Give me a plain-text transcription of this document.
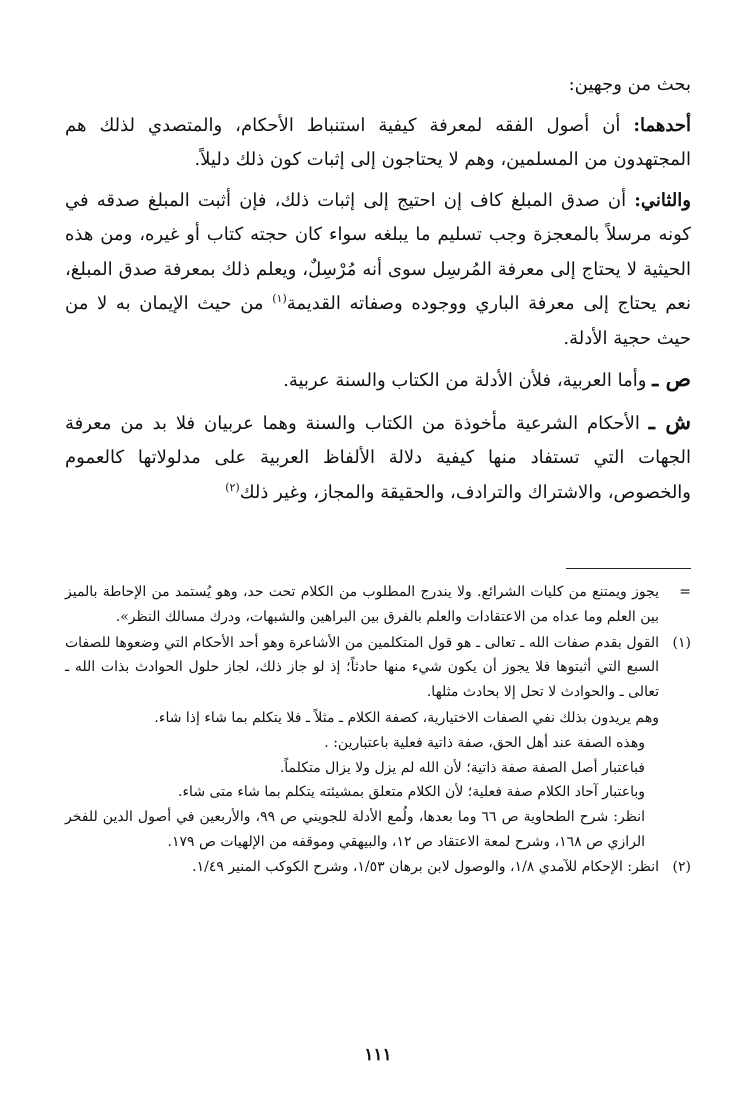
بحث من وجهين:

أحدهما: أن أصول الفقه لمعرفة كيفية استنباط الأحكام، والمتصدي لذلك هم المجتهدون من المسلمين، وهم لا يحتاجون إلى إثبات كون ذلك دليلاً.

والثاني: أن صدق المبلغ كاف إن احتيج إلى إثبات ذلك، فإن أثبت المبلغ صدقه في كونه مرسلاً بالمعجزة وجب تسليم ما يبلغه سواء كان حجته كتاب أو غيره، ومن هذه الحيثية لا يحتاج إلى معرفة المُرسِل سوى أنه مُرْسِلٌ، ويعلم ذلك بمعرفة صدق المبلغ، نعم يحتاج إلى معرفة الباري ووجوده وصفاته القديمة$^{(١)}$ من حيث الإيمان به لا من حيث حجية الأدلة.

ص ـ وأما العربية، فلأن الأدلة من الكتاب والسنة عربية.

ش ـ الأحكام الشرعية مأخوذة من الكتاب والسنة وهما عربيان فلا بد من معرفة الجهات التي تستفاد منها كيفية دلالة الألفاظ العربية على مدلولاتها كالعموم والخصوص، والاشتراك والترادف، والحقيقة والمجاز، وغير ذلك$^{(٢)}$

=
يجوز ويمتنع من كليات الشرائع. ولا يندرج المطلوب من الكلام تحت حد، وهو يُستمد من الإحاطة بالميز بين العلم وما عداه من الاعتقادات والعلم بالفرق بين البراهين والشبهات، ودرك مسالك النظر».
(١)
القول بقدم صفات الله ـ تعالى ـ هو قول المتكلمين من الأشاعرة وهو أحد الأحكام التي وضعوها للصفات السبع التي أثبتوها فلا يجوز أن يكون شيء منها حادثاً؛ إذ لو جاز ذلك، لجاز حلول الحوادث بذات الله ـ تعالى ـ والحوادث لا تحل إلا بحادث مثلها.

وهم يريدون بذلك نفي الصفات الاختيارية، كصفة الكلام ـ مثلاً ـ فلا يتكلم بما شاء إذا شاء.

وهذه الصفة عند أهل الحق، صفة ذاتية فعلية باعتبارين: .

فباعتبار أصل الصفة صفة ذاتية؛ لأن الله لم يزل ولا يزال متكلماً.

وباعتبار آحاد الكلام صفة فعلية؛ لأن الكلام متعلق بمشيئته يتكلم بما شاء متى شاء.

انظر: شرح الطحاوية ص ٦٦ وما بعدها، ولُمع الأدلة للجويني ص ٩٩، والأربعين في أصول الدين للفخر الرازي ص ١٦٨، وشرح لمعة الاعتقاد ص ١٢، والبيهقي وموقفه من الإلهيات ص ١٧٩.

(٢)
انظر: الإحكام للآمدي ١/٨، والوصول لابن برهان ١/٥٣، وشرح الكوكب المنير ١/٤٩.
١١١
